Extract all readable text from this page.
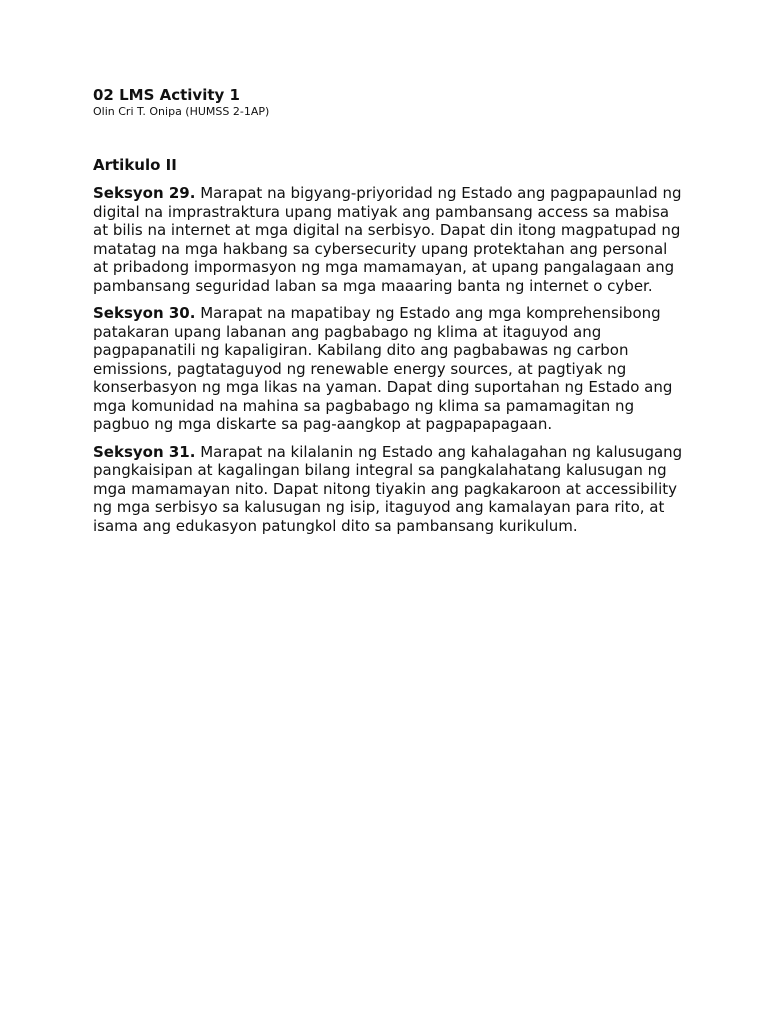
02 LMS Activity 1

Olin Cri T. Onipa (HUMSS 2-1AP)

Artikulo II

Seksyon 29. Marapat na bigyang-priyoridad ng Estado ang pagpapaunlad ng digital na imprastraktura upang matiyak ang pambansang access sa mabisa at bilis na internet at mga digital na serbisyo. Dapat din itong magpatupad ng matatag na mga hakbang sa cybersecurity upang protektahan ang personal at pribadong impormasyon ng mga mamamayan, at upang pangalagaan ang pambansang seguridad laban sa mga maaaring banta ng internet o cyber.

Seksyon 30. Marapat na mapatibay ng Estado ang mga komprehensibong patakaran upang labanan ang pagbabago ng klima at itaguyod ang pagpapanatili ng kapaligiran. Kabilang dito ang pagbabawas ng carbon emissions, pagtataguyod ng renewable energy sources, at pagtiyak ng konserbasyon ng mga likas na yaman. Dapat ding suportahan ng Estado ang mga komunidad na mahina sa pagbabago ng klima sa pamamagitan ng pagbuo ng mga diskarte sa pag-aangkop at pagpapapagaan.

Seksyon 31. Marapat na kilalanin ng Estado ang kahalagahan ng kalusugang pangkaisipan at kagalingan bilang integral sa pangkalahatang kalusugan ng mga mamamayan nito. Dapat nitong tiyakin ang pagkakaroon at accessibility ng mga serbisyo sa kalusugan ng isip, itaguyod ang kamalayan para rito, at isama ang edukasyon patungkol dito sa pambansang kurikulum.
